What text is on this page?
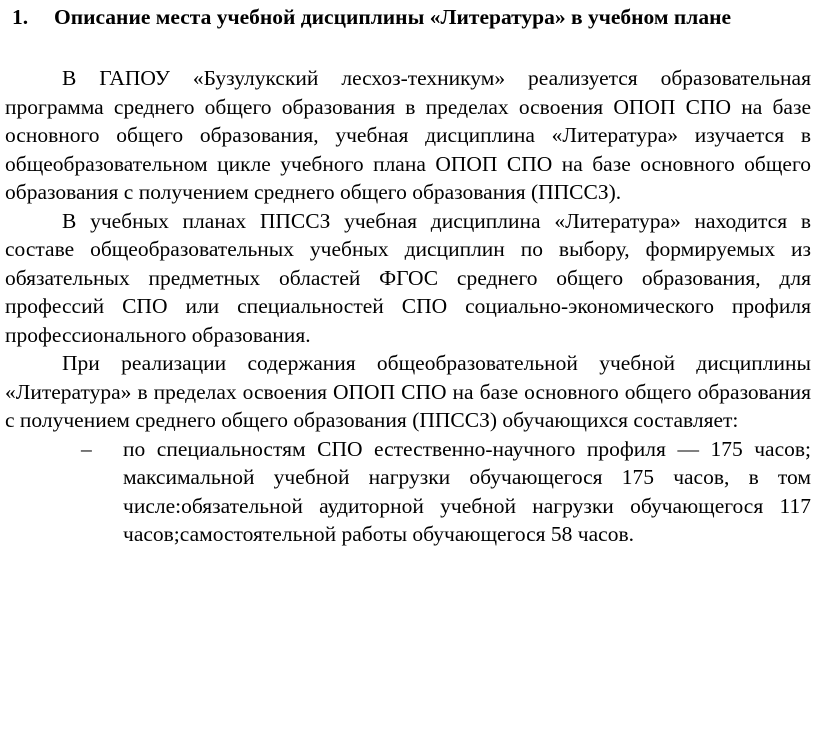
1. Описание места учебной дисциплины «Литература» в учебном плане

В ГАПОУ «Бузулукский лесхоз-техникум» реализуется образовательная программа среднего общего образования в пределах освоения ОПОП СПО на базе основного общего образования, учебная дисциплина «Литература» изучается в общеобразовательном цикле учебного плана ОПОП СПО на базе основного общего образования с получением среднего общего образования (ППССЗ).

В учебных планах ППССЗ учебная дисциплина «Литература» находится в составе общеобразовательных учебных дисциплин по выбору, формируемых из обязательных предметных областей ФГОС среднего общего образования, для профессий СПО или специальностей СПО социально-экономического профиля профессионального образования.

При реализации содержания общеобразовательной учебной дисциплины «Литература» в пределах освоения ОПОП СПО на базе основного общего образования с получением среднего общего образования (ППССЗ) обучающихся составляет:

– по специальностям СПО естественно-научного профиля — 175 часов; максимальной учебной нагрузки обучающегося 175 часов, в том числе:обязательной аудиторной учебной нагрузки обучающегося 117 часов;самостоятельной работы обучающегося 58 часов.
